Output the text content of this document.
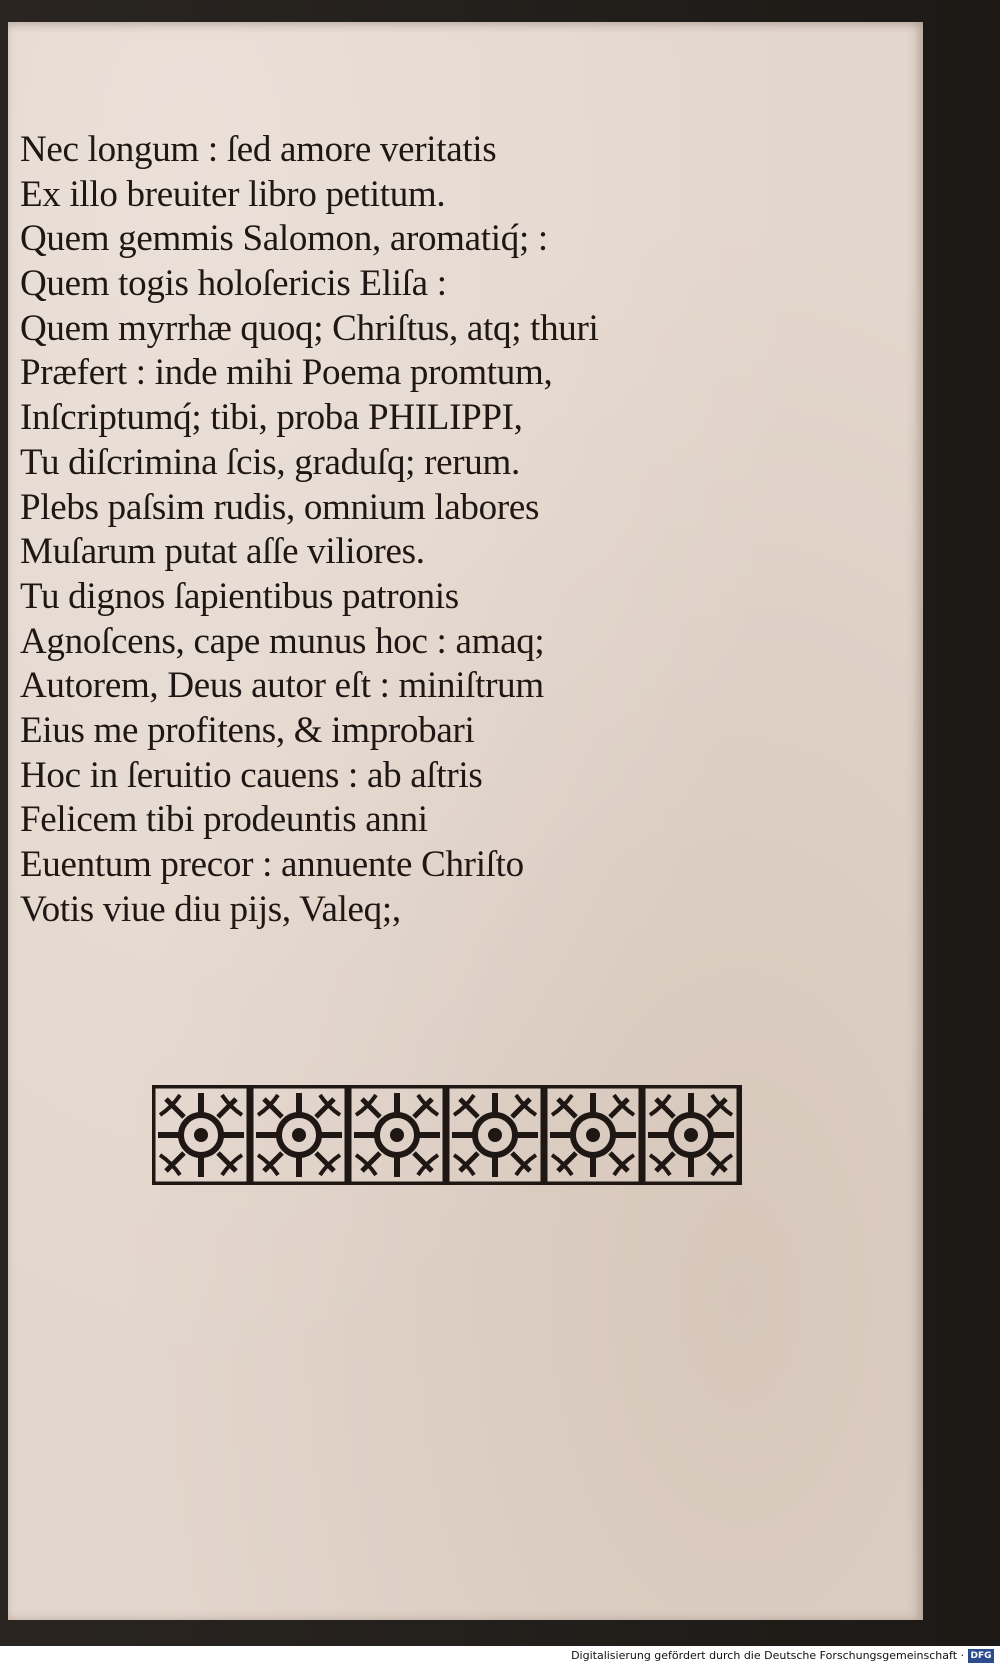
Nec longum : ſed amore veritatis
Ex illo breuiter libro petitum.
Quem gemmis Salomon, aromatiq́; :
Quem togis holoſericis Eliſa :
Quem myrrhæ quoq; Chriſtus, atq; thuri
Præfert : inde mihi Poema promtum,
Inſcriptumq́; tibi, proba PHILIPPI,
Tu diſcrimina ſcis, graduſq; rerum.
Plebs paſsim rudis, omnium labores
Muſarum putat aſſe viliores.
Tu dignos ſapientibus patronis
Agnoſcens, cape munus hoc : amaq;
Autorem, Deus autor eſt : miniſtrum
Eius me profitens, & improbari
Hoc in ſeruitio cauens : ab aſtris
Felicem tibi prodeuntis anni
Euentum precor : annuente Chriſto
Votis viue diu pijs, Valeq;,
Digitalisierung gefördert durch die Deutsche Forschungsgemeinschaft · DFG
